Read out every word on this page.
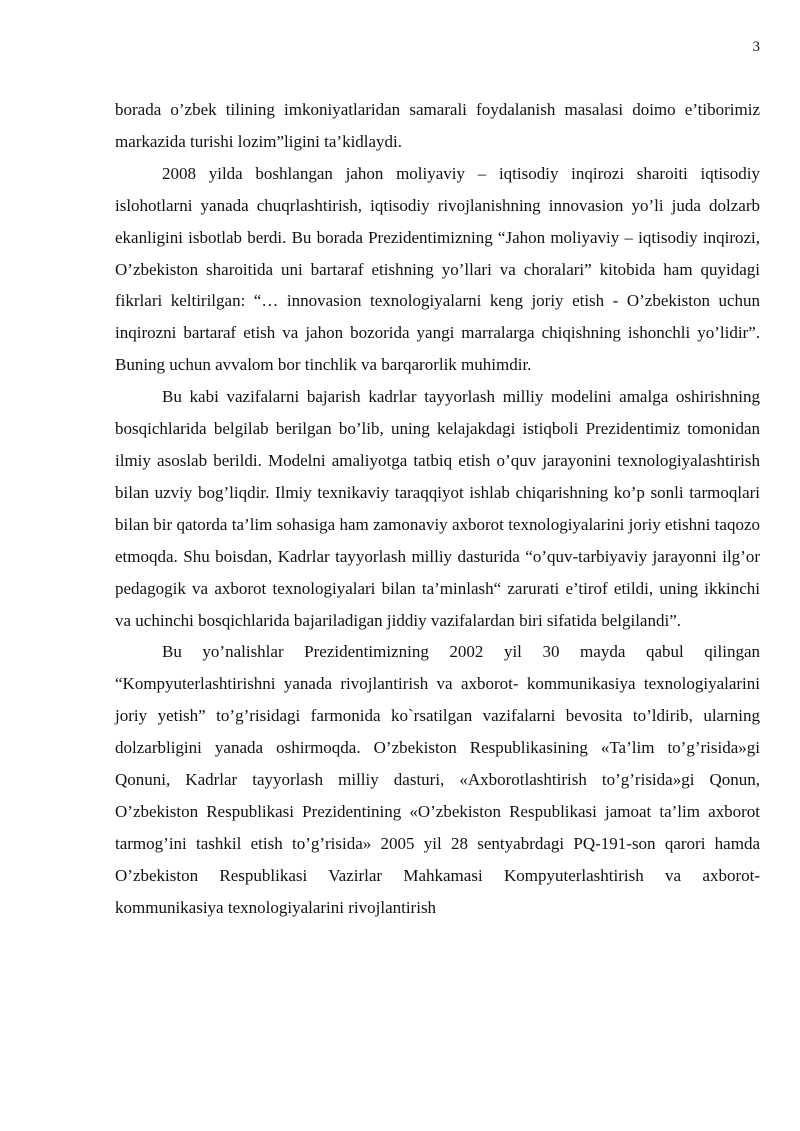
3

borada o’zbek tilining imkoniyatlaridan samarali foydalanish masalasi doimo e’tiborimiz markazida turishi lozim”ligini ta’kidlaydi.

2008 yilda boshlangan jahon moliyaviy – iqtisodiy inqirozi sharoiti iqtisodiy islohotlarni yanada chuqrlashtirish, iqtisodiy rivojlanishning innovasion yo’li juda dolzarb ekanligini isbotlab berdi. Bu borada Prezidentimizning “Jahon moliyaviy – iqtisodiy inqirozi, O’zbekiston sharoitida uni bartaraf etishning yo’llari va choralari” kitobida ham quyidagi fikrlari keltirilgan: “… innovasion texnologiyalarni keng joriy etish - O’zbekiston uchun inqirozni bartaraf etish va jahon bozorida yangi marralarga chiqishning ishonchli yo’lidir”. Buning uchun avvalom bor tinchlik va barqarorlik muhimdir.

Bu kabi vazifalarni bajarish kadrlar tayyorlash milliy modelini amalga oshirishning bosqichlarida belgilab berilgan bo’lib, uning kelajakdagi istiqboli Prezidentimiz tomonidan ilmiy asoslab berildi. Modelni amaliyotga tatbiq etish o’quv jarayonini texnologiyalashtirish bilan uzviy bog’liqdir. Ilmiy texnikaviy taraqqiyot ishlab chiqarishning ko’p sonli tarmoqlari bilan bir qatorda ta’lim sohasiga ham zamonaviy axborot texnologiyalarini joriy etishni taqozo etmoqda. Shu boisdan, Kadrlar tayyorlash milliy dasturida “o’quv-tarbiyaviy jarayonni ilg’or pedagogik va axborot texnologiyalari bilan ta’minlash“ zarurati e’tirof etildi, uning ikkinchi va uchinchi bosqichlarida bajariladigan jiddiy vazifalardan biri sifatida belgilandi”.

Bu yo’nalishlar Prezidentimizning 2002 yil 30 mayda qabul qilingan “Kompyuterlashtirishni yanada rivojlantirish va axborot- kommunikasiya texnologiyalarini joriy yetish” to’g’risidagi farmonida ko`rsatilgan vazifalarni bevosita to’ldirib, ularning dolzarbligini yanada oshirmoqda. O’zbekiston Respublikasining «Ta’lim to’g’risida»gi Qonuni, Kadrlar tayyorlash milliy dasturi, «Axborotlashtirish to’g’risida»gi Qonun, O’zbekiston Respublikasi Prezidentining «O’zbekiston Respublikasi jamoat ta’lim axborot tarmog’ini tashkil etish to’g’risida» 2005 yil 28 sentyabrdagi PQ-191-son qarori hamda O’zbekiston Respublikasi Vazirlar Mahkamasi Kompyuterlashtirish va axborot-kommunikasiya texnologiyalarini rivojlantirish
